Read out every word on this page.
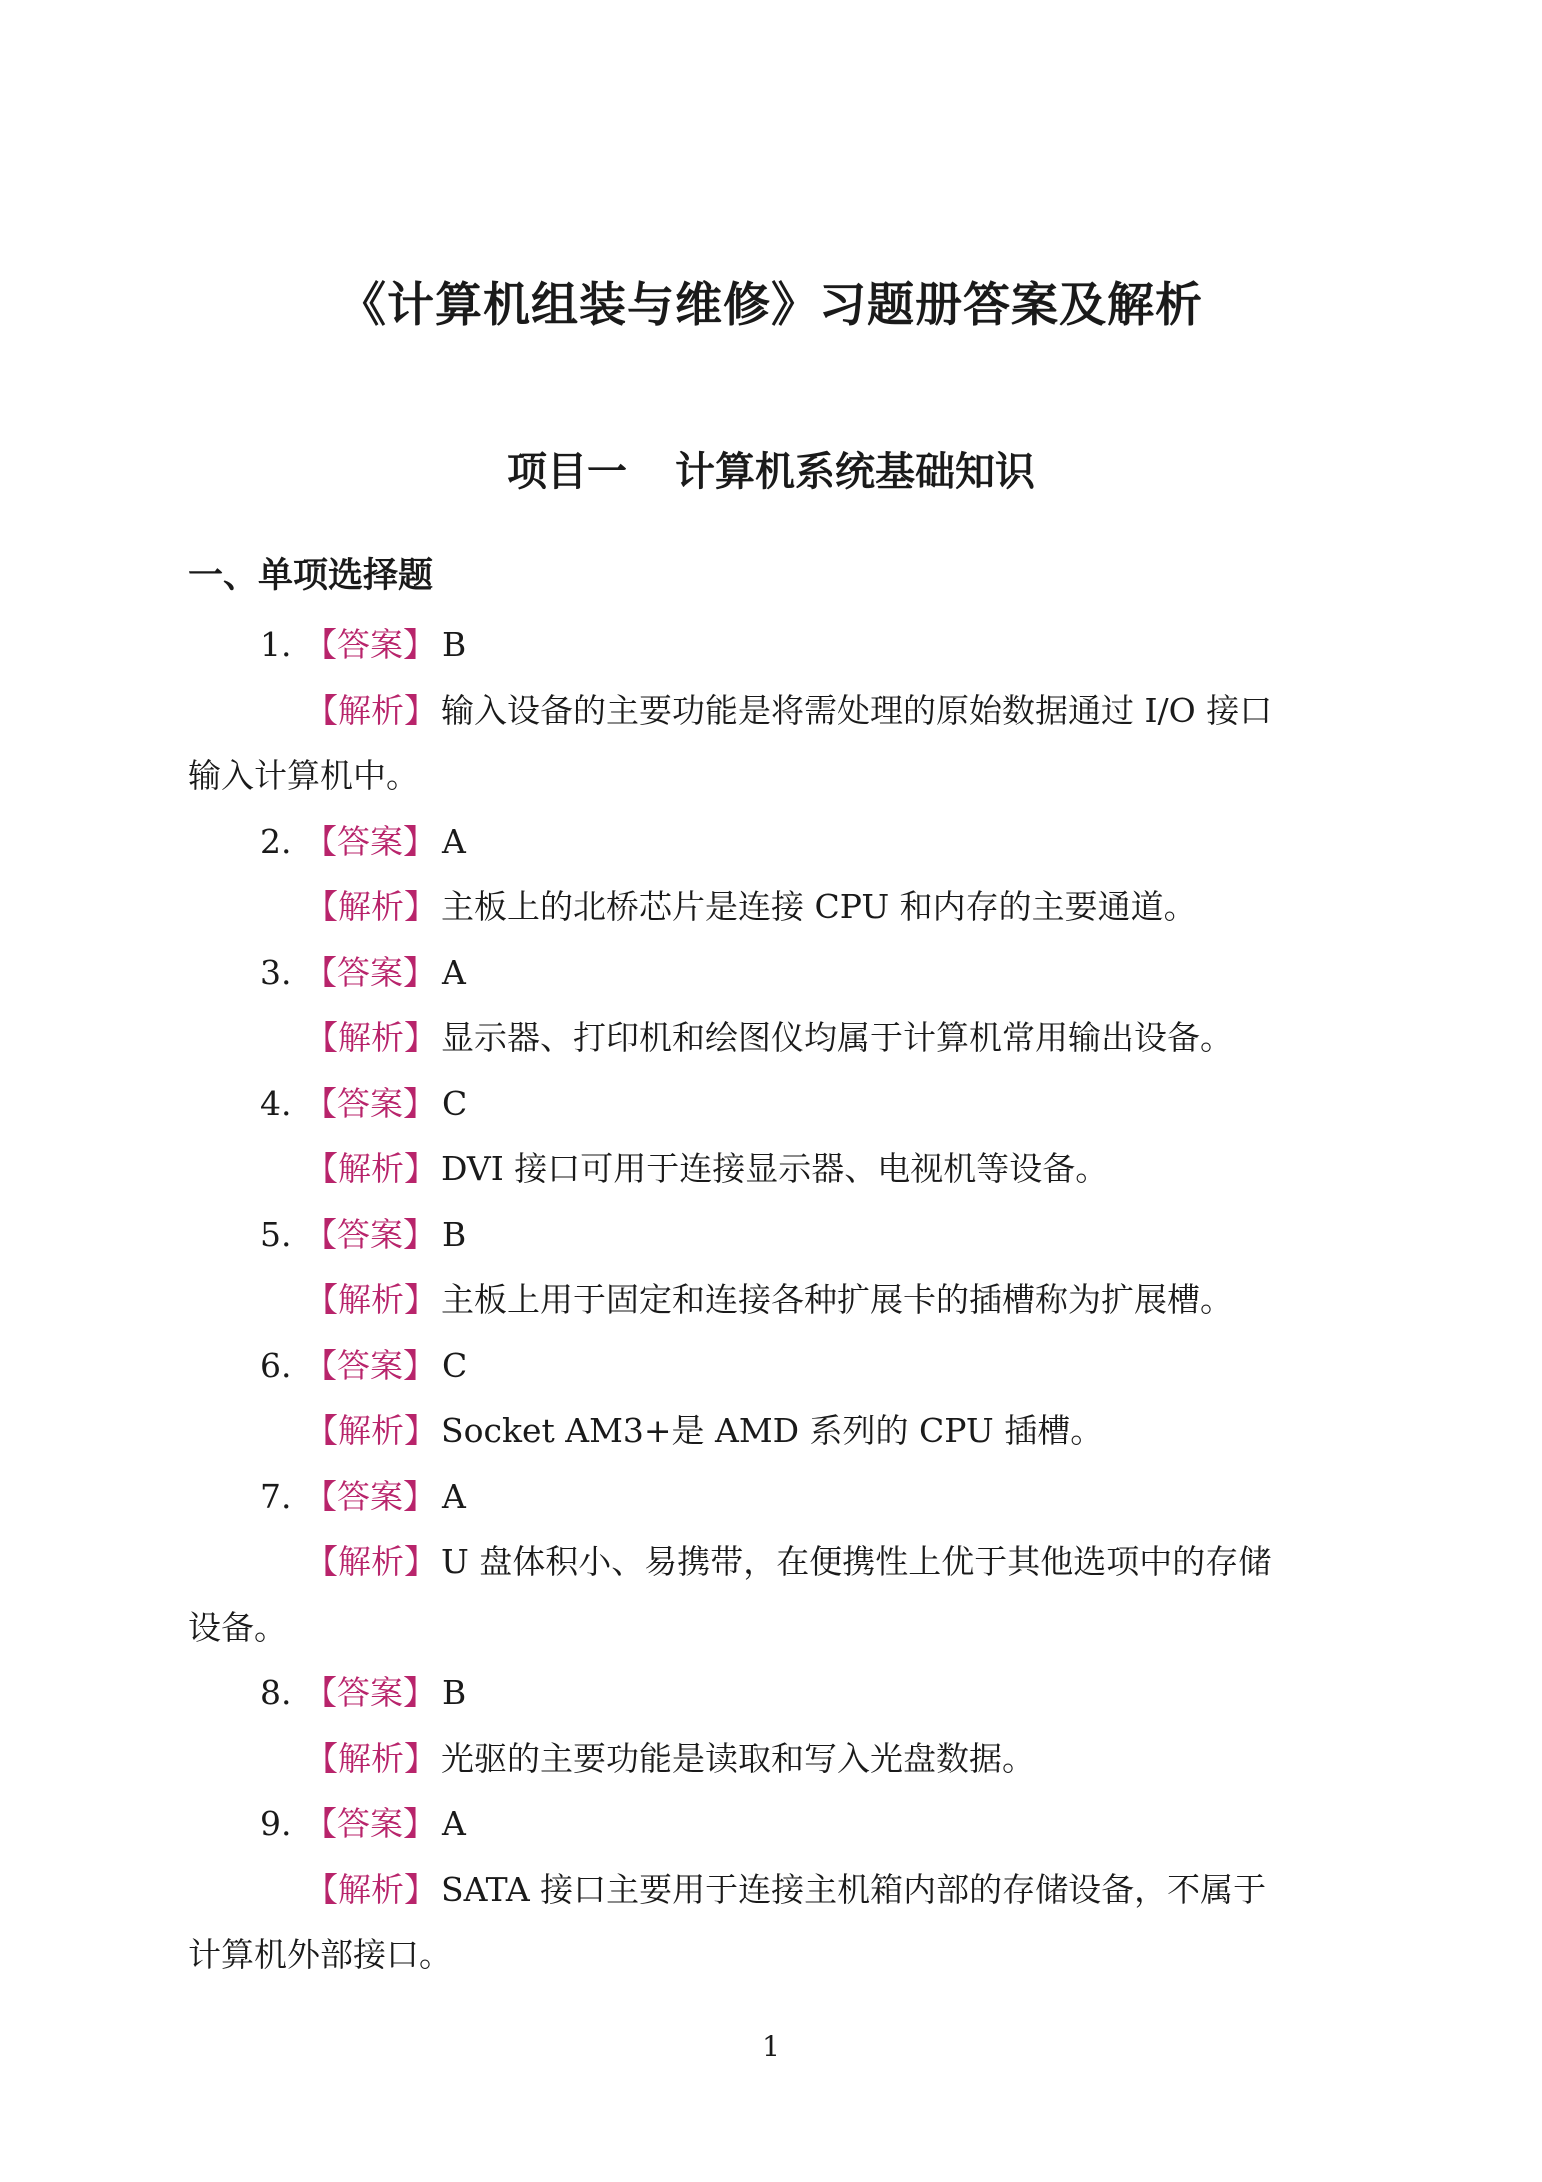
《计算机组装与维修》习题册答案及解析
项目一 计算机系统基础知识
一、单项选择题
1. 【答案】 B
【解析】 输入设备的主要功能是将需处理的原始数据通过 I/O 接口
输入计算机中。
2. 【答案】 A
【解析】 主板上的北桥芯片是连接 CPU 和内存的主要通道。
3. 【答案】 A
【解析】 显示器、打印机和绘图仪均属于计算机常用输出设备。
4. 【答案】 C
【解析】 DVI 接口可用于连接显示器、电视机等设备。
5. 【答案】 B
【解析】 主板上用于固定和连接各种扩展卡的插槽称为扩展槽。
6. 【答案】 C
【解析】 Socket AM3+是 AMD 系列的 CPU 插槽。
7. 【答案】 A
【解析】 U 盘体积小、易携带，在便携性上优于其他选项中的存储
设备。
8. 【答案】 B
【解析】 光驱的主要功能是读取和写入光盘数据。
9. 【答案】 A
【解析】 SATA 接口主要用于连接主机箱内部的存储设备，不属于
计算机外部接口。
1
